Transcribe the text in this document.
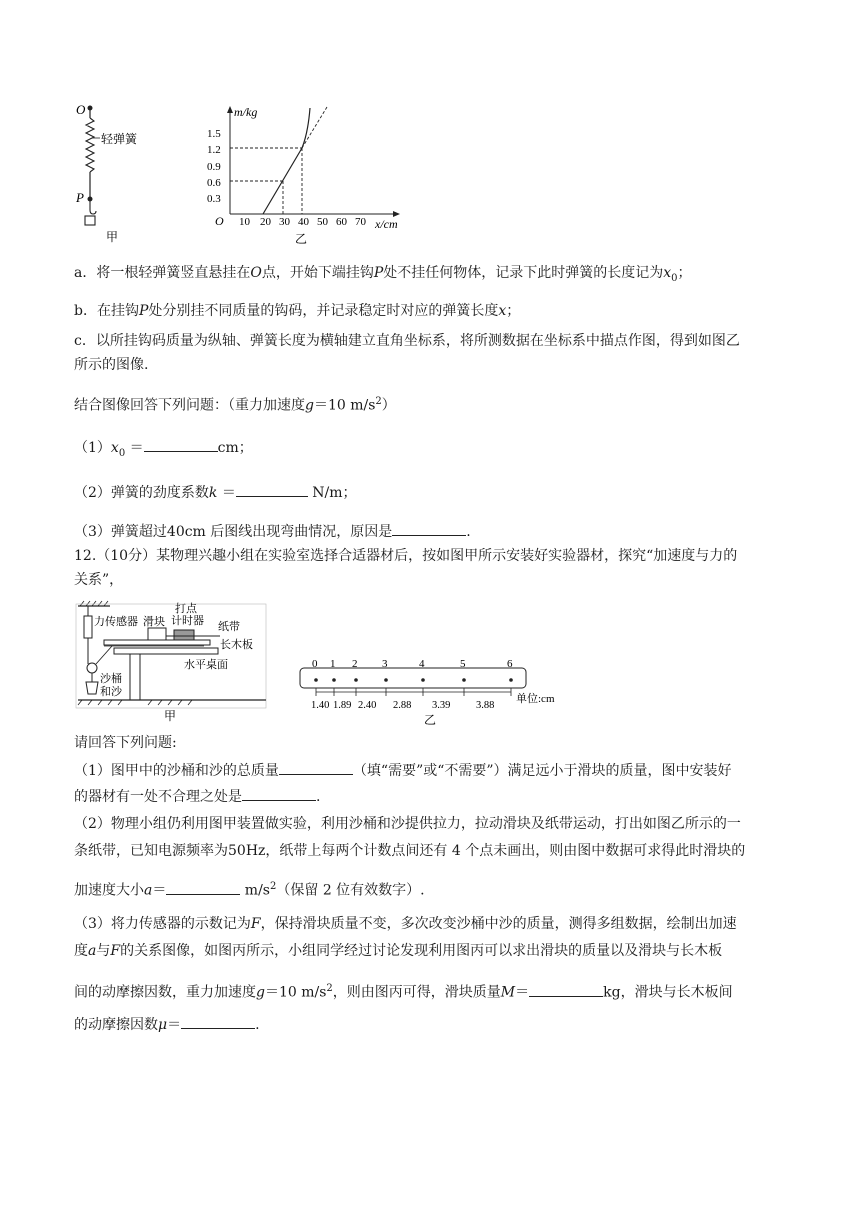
O
轻弹簧
P
甲
m/kg
x/cm
O
1.5
1.2
0.9
0.6
0.3
10 20 30 40 50 60 70
乙
a．将一根轻弹簧竖直悬挂在O点，开始下端挂钩P处不挂任何物体，记录下此时弹簧的长度记为$x_0$；
b．在挂钩P处分别挂不同质量的钩码，并记录稳定时对应的弹簧长度x；
c．以所挂钩码质量为纵轴、弹簧长度为横轴建立直角坐标系，将所测数据在坐标系中描点作图，得到如图乙
所示的图像.
结合图像回答下列问题：（重力加速度g＝10 $m/s^2$）
$(1)x_0$ ＝	cm；
（2）弹簧的劲度系数k ＝	N/m；
（3）弹簧超过40cm 后图线出现弯曲情况，原因是	.
12.（10分）某物理兴趣小组在实验室选择合适器材后，按如图甲所示安装好实验器材，探究“加速度与力的
关系”，
力传感器
沙桶
和沙
滑块
打点
计时器 纸带
长木板
水平桌面
甲
0 1 2 3	4	5	6
1.40 1.89 2.40 2.88 3.39 3.88
单位:cm
乙
请回答下列问题:
（1）图甲中的沙桶和沙的总质量	（填“需要”或“不需要”）满足远小于滑块的质量，图中安装好
的器材有一处不合理之处是	.
（2）物理小组仍利用图甲装置做实验，利用沙桶和沙提供拉力，拉动滑块及纸带运动，打出如图乙所示的一
条纸带，已知电源频率为50Hz，纸带上每两个计数点间还有 4 个点未画出，则由图中数据可求得此时滑块的
加速度大小a＝	$m/s^2$（保留 2 位有效数字）.
（3）将力传感器的示数记为F，保持滑块质量不变，多次改变沙桶中沙的质量，测得多组数据，绘制出加速
度a与F的关系图像，如图丙所示，小组同学经过讨论发现利用图丙可以求出滑块的质量以及滑块与长木板
间的动摩擦因数，重力加速度g＝10 $m/s^2$，则由图丙可得，滑块质量M＝	kg，滑块与长木板间
的动摩擦因数μ＝	.
